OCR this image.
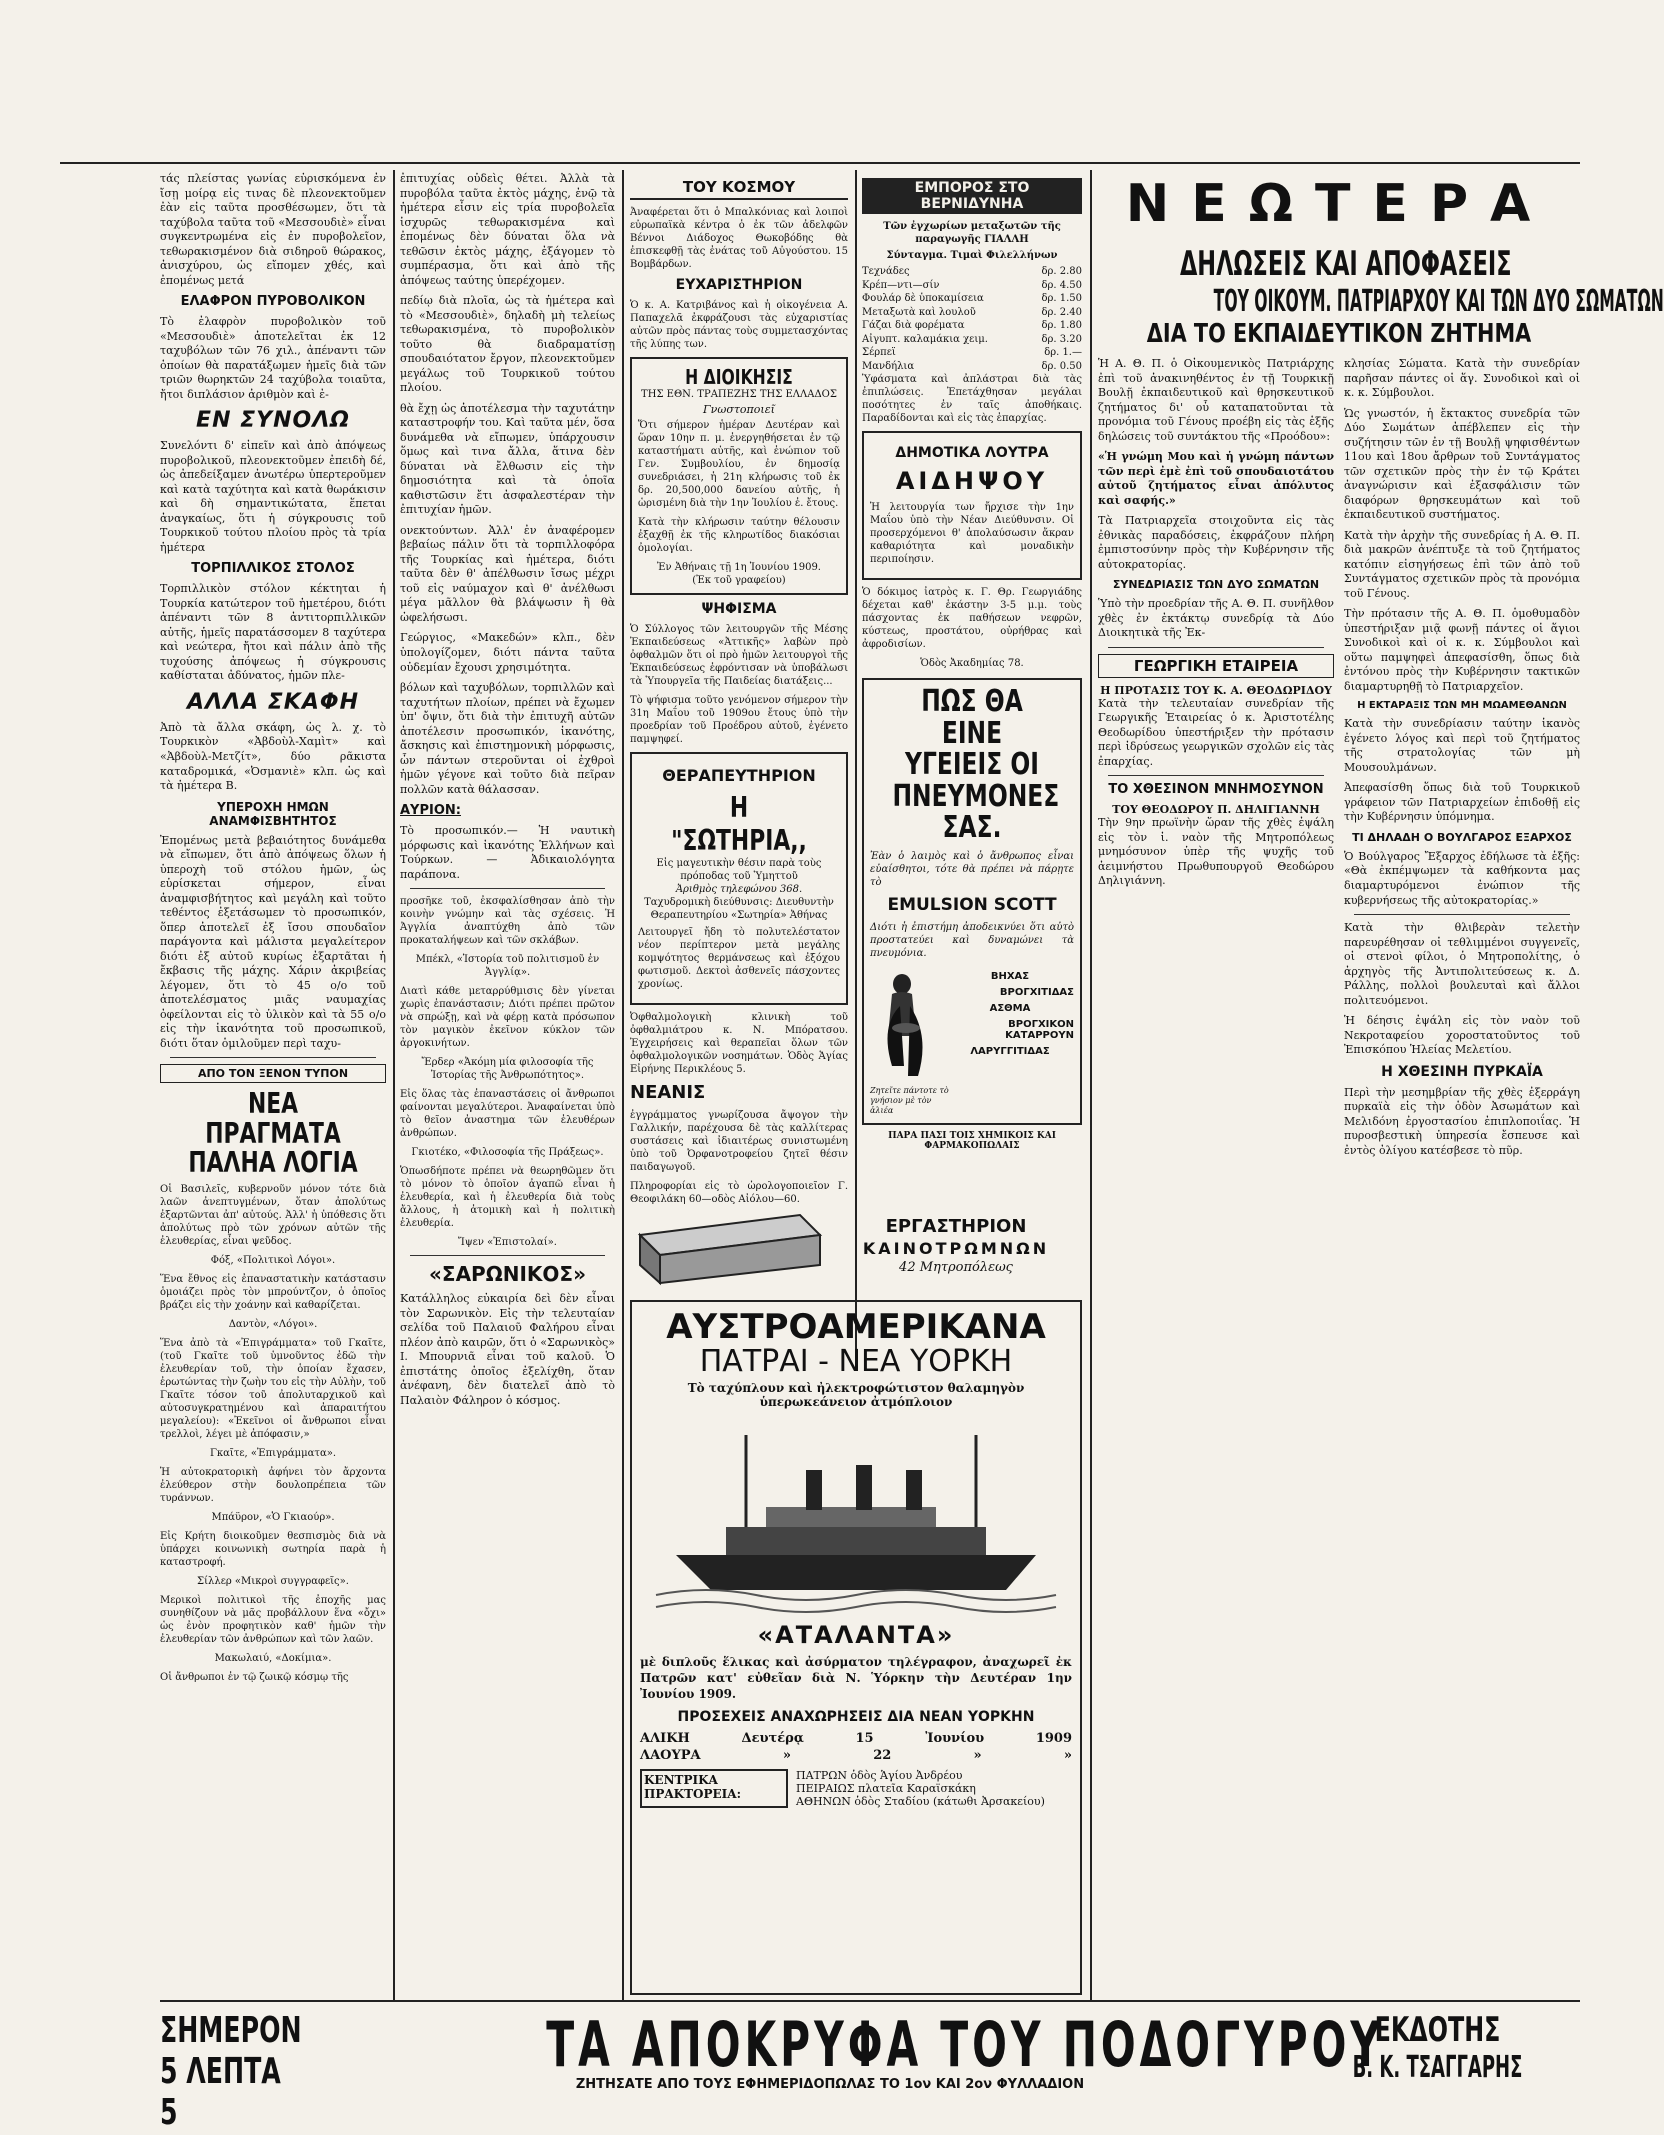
τάς πλείστας γωνίας εὑρισκόμενα ἐν ἴσῃ μοίρᾳ εἰς τινας δὲ πλεονεκτοῦμεν ἐὰν εἰς ταῦτα προσθέσωμεν, ὅτι τὰ ταχύβολα ταῦτα τοῦ «Μεσσουδιὲ» εἶναι συγκεντρωμένα εἰς ἐν πυροβολεῖον, τεθωρακισμένον διὰ σιδηροῦ θώρακος, ἀνισχύρου, ὡς εἴπομεν χθές, καὶ ἐπομένως μετά

ΕΛΑΦΡΟΝ ΠΥΡΟΒΟΛΙΚΟΝ

Τὸ ἐλαφρὸν πυροβολικὸν τοῦ «Μεσσουδιὲ» ἀποτελεῖται ἐκ 12 ταχυβόλων τῶν 76 χιλ., ἀπέναντι τῶν ὁποίων θὰ παρατάξωμεν ἡμεῖς διὰ τῶν τριῶν θωρηκτῶν 24 ταχύβολα τοιαῦτα, ἤτοι διπλάσιον ἀριθμὸν καὶ ἐ-

ΕΝ ΣΥΝΟΛΩ

Συνελόντι δ' εἰπεῖν καὶ ἀπὸ ἀπόψεως πυροβολικοῦ, πλεονεκτοῦμεν ἐπειδὴ δέ, ὡς ἀπεδείξαμεν ἀνωτέρω ὑπερτεροῦμεν καὶ κατὰ ταχύτητα καὶ κατὰ θωράκισιν καὶ δὴ σημαντικώτατα, ἕπεται ἀναγκαίως, ὅτι ἡ σύγκρουσις τοῦ Τουρκικοῦ τούτου πλοίου πρὸς τὰ τρία ἡμέτερα

ΤΟΡΠΙΛΛΙΚΟΣ ΣΤΟΛΟΣ

Τορπιλλικὸν στόλον κέκτηται ἡ Τουρκία κατώτερον τοῦ ἡμετέρου, διότι ἀπέναντι τῶν 8 ἀντιτορπιλλικῶν αὐτῆς, ἡμεῖς παρατάσσομεν 8 ταχύτερα καὶ νεώτερα, ἤτοι καὶ πάλιν ἀπὸ τῆς τυχούσης ἀπόψεως ἡ σύγκρουσις καθίσταται ἀδύνατος, ἡμῶν πλε-

ΑΛΛΑ ΣΚΑΦΗ

Ἀπὸ τὰ ἄλλα σκάφη, ὡς λ. χ. τὸ Τουρκικὸν «Ἀβδοὺλ-Χαμὶτ» καὶ «Ἀβδοὺλ-Μετζίτ», δύο ρᾶκιστα καταδρομικά, «Ὀσμανιὲ» κλπ. ὡς καὶ τὰ ἡμέτερα Β.

ΥΠΕΡΟΧΗ ΗΜΩΝ ΑΝΑΜΦΙΣΒΗΤΗΤΟΣ

Ἐπομένως μετὰ βεβαιότητος δυνάμεθα νὰ εἴπωμεν, ὅτι ἀπὸ ἀπόψεως ὅλων ἡ ὑπεροχὴ τοῦ στόλου ἡμῶν, ὡς εὑρίσκεται σήμερον, εἶναι ἀναμφισβήτητος καὶ μεγάλη καὶ τοῦτο τεθέντος ἐξετάσωμεν τὸ προσωπικόν, ὅπερ ἀποτελεῖ ἐξ ἴσου σπουδαῖον παράγοντα καὶ μάλιστα μεγαλείτερον διότι ἐξ αὐτοῦ κυρίως ἐξαρτᾶται ἡ ἔκβασις τῆς μάχης. Χάριν ἀκριβείας λέγομεν, ὅτι τὸ 45 ο/ο τοῦ ἀποτελέσματος μιᾶς ναυμαχίας ὀφείλονται εἰς τὸ ὑλικὸν καὶ τὰ 55 ο/ο εἰς τὴν ἱκανότητα τοῦ προσωπικοῦ, διότι ὅταν ὁμιλοῦμεν περὶ ταχυ-

ΑΠΟ ΤΟΝ ΞΕΝΟΝ ΤΥΠΟΝ
ΝΕΑ ΠΡΑΓΜΑΤΑ ΠΑΛΗΑ ΛΟΓΙΑ

Οἱ Βασιλεῖς, κυβερνοῦν μόνον τότε διὰ λαῶν ἀνεπτυγμένων, ὅταν ἀπολύτως ἐξαρτῶνται ἀπ' αὐτούς. Ἀλλ' ἡ ὑπόθεσις ὅτι ἀπολύτως πρὸ τῶν χρόνων αὐτῶν τῆς ἐλευθερίας, εἶναι ψεῦδος.

Φόξ, «Πολιτικοὶ Λόγοι».

Ἕνα ἔθνος εἰς ἐπαναστατικὴν κατάστασιν ὁμοιάζει πρὸς τὸν μπρούντζον, ὁ ὁποῖος βράζει εἰς τὴν χοάνην καὶ καθαρίζεται.

Δαντὸν, «Λόγοι».

Ἕνα ἀπὸ τὰ «Ἐπιγράμματα» τοῦ Γκαῖτε, (τοῦ Γκαῖτε τοῦ ὑμνοῦντος ἐδῶ τὴν ἐλευθερίαν τοῦ, τὴν ὁποίαν ἔχασεν, ἐρωτώντας τὴν ζωὴν του εἰς τὴν Αὐλὴν, τοῦ Γκαῖτε τόσον τοῦ ἀπολυταρχικοῦ καὶ αὐτοσυγκρατημένου καὶ ἀπαραιτήτου μεγαλείου): «Ἐκεῖνοι οἱ ἄνθρωποι εἶναι τρελλοὶ, λέγει μὲ ἀπόφασιν,»

Γκαῖτε, «Ἐπιγράμματα».

Ἡ αὐτοκρατορικὴ ἀφήνει τὸν ἄρχοντα ἐλεύθερον στὴν δουλοπρέπεια τῶν τυράννων.

Μπάϋρον, «Ὁ Γκιαούρ».

Εἰς Κρήτη διοικοῦμεν θεσπισμὸς διὰ νὰ ὑπάρχει κοινωνικὴ σωτηρία παρὰ ἡ καταστροφή.

Σίλλερ «Μικροὶ συγγραφεῖς».

Μερικοὶ πολιτικοὶ τῆς ἐποχῆς μας συνηθίζουν νὰ μᾶς προβάλλουν ἕνα «ὄχι» ὡς ἐνὸν προφητικὸν καθ' ἡμῶν τὴν ἐλευθερίαν τῶν ἀνθρώπων καὶ τῶν λαῶν.

Μακωλαιύ, «Δοκίμια».

Οἱ ἄνθρωποι ἐν τῷ ζωικῷ κόσμῳ τῆς

ἐπιτυχίας οὐδεὶς θέτει. Ἀλλὰ τὰ πυροβόλα ταῦτα ἐκτὸς μάχης, ἐνῷ τὰ ἡμέτερα εἶσιν εἰς τρία πυροβολεῖα ἰσχυρῶς τεθωρακισμένα καὶ ἐπομένως δὲν δύναται ὅλα νὰ τεθῶσιν ἐκτὸς μάχης, ἐξάγομεν τὸ συμπέρασμα, ὅτι καὶ ἀπὸ τῆς ἀπόψεως ταύτης ὑπερέχομεν.

πεδίῳ διὰ πλοῖα, ὡς τὰ ἡμέτερα καὶ τὸ «Μεσσουδιὲ», δηλαδὴ μὴ τελείως τεθωρακισμένα, τὸ πυροβολικὸν τοῦτο θὰ διαδραματίσῃ σπουδαιότατον ἔργον, πλεονεκτοῦμεν μεγάλως τοῦ Τουρκικοῦ τούτου πλοίου.

θὰ ἔχῃ ὡς ἀποτέλεσμα τὴν ταχυτάτην καταστροφήν του. Καὶ ταῦτα μέν, ὅσα δυνάμεθα νὰ εἴπωμεν, ὑπάρχουσιν ὅμως καὶ τινα ἄλλα, ἅτινα δὲν δύναται νὰ ἔλθωσιν εἰς τὴν δημοσιότητα καὶ τὰ ὁποῖα καθιστῶσιν ἔτι ἀσφαλεστέραν τὴν ἐπιτυχίαν ἡμῶν.

ονεκτούντων. Ἀλλ' ἐν ἀναφέρομεν βεβαίως πάλιν ὅτι τὰ τορπιλλοφόρα τῆς Τουρκίας καὶ ἡμέτερα, διότι ταῦτα δὲν θ' ἀπέλθωσιν ἴσως μέχρι τοῦ εἰς ναύμαχον καὶ θ' ἀνέλθωσι μέγα μᾶλλον θὰ βλάψωσιν ἢ θὰ ὠφελήσωσι.

Γεώργιος, «Μακεδών» κλπ., δὲν ὑπολογίζομεν, διότι πάντα ταῦτα οὐδεμίαν ἔχουσι χρησιμότητα.

βόλων καὶ ταχυβόλων, τορπιλλῶν καὶ ταχυτήτων πλοίων, πρέπει νὰ ἔχωμεν ὑπ' ὄψιν, ὅτι διὰ τὴν ἐπιτυχῆ αὐτῶν ἀποτέλεσιν προσωπικόν, ἱκανότης, ἄσκησις καὶ ἐπιστημονικὴ μόρφωσις, ὧν πάντων στεροῦνται οἱ ἐχθροὶ ἡμῶν γέγονε καὶ τοῦτο διὰ πεῖραν πολλῶν κατὰ θάλασσαν.

ΑΥΡΙΟΝ:

Τὸ προσωπικόν.— Ἡ ναυτικὴ μόρφωσις καὶ ἱκανότης Ἑλλήνων καὶ Τούρκων. — Ἀδικαιολόγητα παράπονα.

προσῆκε τοῦ, ἐκσφαλίσθησαν ἀπὸ τὴν κοινὴν γνώμην καὶ τὰς σχέσεις. Ἡ Ἀγγλία ἀναπτύχθη ἀπὸ τῶν προκαταλήψεων καὶ τῶν σκλάβων.

Μπέκλ, «Ἱστορία τοῦ πολιτισμοῦ ἐν Ἀγγλίᾳ».

Διατὶ κάθε μεταρρύθμισις δὲν γίνεται χωρὶς ἐπανάστασιν; Διότι πρέπει πρῶτον νὰ σπρώξῃ, καὶ νὰ φέρῃ κατὰ πρόσωπον τὸν μαγικὸν ἐκεῖνον κύκλον τῶν ἀργοκινήτων.

Ἔρδερ «Ἀκόμη μία φιλοσοφία τῆς Ἱστορίας τῆς Ἀνθρωπότητος».

Εἰς ὅλας τὰς ἐπαναστάσεις οἱ ἄνθρωποι φαίνονται μεγαλύτεροι. Ἀναφαίνεται ὑπὸ τὸ θεῖον ἀναστημα τῶν ἐλευθέρων ἀνθρώπων.

Γκιοτέκο, «Φιλοσοφία τῆς Πράξεως».

Ὁπωσδήποτε πρέπει νὰ θεωρηθῶμεν ὅτι τὸ μόνον τὸ ὁποῖον ἀγαπῶ εἶναι ἡ ἐλευθερία, καὶ ἡ ἐλευθερία διὰ τοὺς ἄλλους, ἡ ἀτομικὴ καὶ ἡ πολιτικὴ ἐλευθερία.

Ἴψεν «Ἐπιστολαί».

«ΣΑΡΩΝΙΚΟΣ»

Κατάλληλος εὐκαιρία δεὶ δὲν εἶναι τὸν Σαρωνικὸν. Εἰς τὴν τελευταίαν σελίδα τοῦ Παλαιοῦ Φαλήρου εἶναι πλέον ἀπὸ καιρῶν, ὅτι ὁ «Σαρωνικὸς» Ι. Μπουρνιᾶ εἶναι τοῦ καλοῦ. Ὁ ἐπιστάτης ὁποῖος ἐξελίχθη, ὅταν ἀνέφανη, δὲν διατελεῖ ἀπὸ τὸ Παλαιὸν Φάληρον ὁ κόσμος.

ΤΟΥ ΚΟΣΜΟΥ

Ἀναφέρεται ὅτι ὁ Μπαλκόνιας καὶ λοιποὶ εὐρωπαϊκὰ κέντρα ὁ ἐκ τῶν ἀδελφῶν Βέννοι Διάδοχος Θωκοβόδης θὰ ἐπισκεφθῇ τὰς ἐνάτας τοῦ Αὐγούστου. 15 Βομβάρδων.

ΕΥΧΑΡΙΣΤΗΡΙΟΝ

Ὁ κ. Α. Κατριβάνος καὶ ἡ οἰκογένεια Α. Παπαχελᾶ ἐκφράζουσι τὰς εὐχαριστίας αὐτῶν πρὸς πάντας τοὺς συμμετασχόντας τῆς λύπης των.

Η ΔΙΟΙΚΗΣΙΣ
ΤΗΣ ΕΘΝ. ΤΡΑΠΕΖΗΣ ΤΗΣ ΕΛΛΑΔΟΣ
Γνωστοποιεῖ

Ὅτι σήμερον ἡμέραν Δευτέραν καὶ ὥραν 10ην π. μ. ἐνεργηθήσεται ἐν τῷ καταστήματι αὐτῆς, καὶ ἐνώπιον τοῦ Γεν. Συμβουλίου, ἐν δημοσίᾳ συνεδριάσει, ἡ 21η κλήρωσις τοῦ ἐκ δρ. 20,500,000 δανείου αὐτῆς, ἡ ὡρισμένη διὰ τὴν 1ην Ἰουλίου ἐ. ἔτους.

Κατὰ τὴν κλήρωσιν ταύτην θέλουσιν ἐξαχθῇ ἐκ τῆς κληρωτίδος διακόσιαι ὀμολογίαι.

Ἐν Ἀθήναις τῇ 1η Ἰουνίου 1909.
(Ἐκ τοῦ γραφείου)
ΨΗΦΙΣΜΑ

Ὁ Σύλλογος τῶν λειτουργῶν τῆς Μέσης Ἐκπαιδεύσεως «Ἀττικῆς» λαβὼν πρὸ ὀφθαλμῶν ὅτι οἱ πρὸ ἡμῶν λειτουργοὶ τῆς Ἐκπαιδεύσεως ἐφρόντισαν νὰ ὑποβάλωσι τὰ Ὑπουργεῖα τῆς Παιδείας διατάξεις...

Τὸ ψήφισμα τοῦτο γενόμενον σήμερον τὴν 31η Μαΐου τοῦ 1909ου ἔτους ὑπὸ τὴν προεδρίαν τοῦ Προέδρου αὐτοῦ, ἐγένετο παμψηφεί.

ΘΕΡΑΠΕΥΤΗΡΙΟΝ
Η "ΣΩΤΗΡΙΑ,,
Εἰς μαγευτικὴν θέσιν παρὰ τοὺς πρόποδας τοῦ Ὑμηττοῦ
Ἀριθμὸς τηλεφώνου 368.
Ταχυδρομικὴ διεύθυνσις: Διευθυντὴν Θεραπευτηρίου «Σωτηρία» Ἀθήνας

Λειτουργεῖ ἤδη τὸ πολυτελέστατον νέον περίπτερον μετὰ μεγάλης κομψότητος θερμάνσεως καὶ ἐξόχου φωτισμοῦ. Δεκτοὶ ἀσθενεῖς πάσχοντες χρονίως.

Ὀφθαλμολογικὴ κλινικὴ τοῦ ὀφθαλμιάτρου κ. Ν. Μπόρατσου. Ἐγχειρήσεις καὶ θεραπεῖαι ὅλων τῶν ὀφθαλμολογικῶν νοσημάτων. Ὁδὸς Ἁγίας Εἰρήνης Περικλέους 5.

ΝΕΑΝΙΣ

ἐγγράμματος γνωρίζουσα ἄψογον τὴν Γαλλικήν, παρέχουσα δὲ τὰς καλλίτερας συστάσεις καὶ ἰδιαιτέρως συνιστωμένη ὑπὸ τοῦ Ὀρφανοτροφείου ζητεῖ θέσιν παιδαγωγοῦ.

Πληροφορίαι εἰς τὸ ὡρολογοποιεῖον Γ. Θεοφιλάκη 60—οδὸς Αἰόλου—60.

ΕΜΠΟΡΟΣ ΣΤΟ ΒΕΡΝΙΔΥΝΗΑ
Τῶν ἐγχωρίων μεταξωτῶν τῆς παραγωγῆς ΓΙΑΛΛΗ
Σύνταγμα. Τιμαὶ Φιλελλήνων
Τεχνάδες	δρ. 2.80
Κρέπ—ντι—σίν	δρ. 4.50
Φουλάρ δὲ ὑποκαμίσεια	δρ. 1.50
Μεταξωτὰ καὶ λουλοῦ	δρ. 2.40
Γάζαι διὰ φορέματα	δρ. 1.80
Αἰγυπτ. καλαμάκια χειμ.	δρ. 3.20
Σέρπεϊ	δρ. 1.—
Μανδήλια	δρ. 0.50

Ὑφάσματα καὶ ἀπλάστραι διὰ τὰς ἐπιπλώσεις. Ἐπετάχθησαν μεγάλαι ποσότητες ἐν ταῖς ἀποθήκαις. Παραδίδονται καὶ εἰς τὰς ἐπαρχίας.

ΔΗΜΟΤΙΚΑ ΛΟΥΤΡΑ
ΑΙΔΗΨΟΥ

Ἡ λειτουργία των ἤρχισε τὴν 1ην Μαΐου ὑπὸ τὴν Νέαν Διεύθυνσιν. Οἱ προσερχόμενοι θ' ἀπολαύσωσιν ἄκραν καθαριότητα καὶ μοναδικὴν περιποίησιν.

Ὁ δόκιμος ἰατρὸς κ. Γ. Θρ. Γεωργιάδης δέχεται καθ' ἑκάστην 3-5 μ.μ. τοὺς πάσχοντας ἐκ παθήσεων νεφρῶν, κύστεως, προστάτου, οὐρήθρας καὶ ἀφροδισίων.

Ὁδὸς Ἀκαδημίας 78.
ΠΩΣ ΘΑ ΕΙΝΕ
ΥΓΕΙΕΙΣ ΟΙ
ΠΝΕΥΜΟΝΕΣ
ΣΑΣ.

Ἐὰν ὁ λαιμὸς καὶ ὁ ἄνθρωπος εἶναι εὐαίσθητοι, τότε θὰ πρέπει νὰ πάρῃτε τὸ

EMULSION SCOTT

Διότι ἡ ἐπιστήμη ἀποδεικνύει ὅτι αὐτὸ προστατεύει καὶ δυναμώνει τὰ πνευμόνια.

ΒΗΧΑΣ
ΒΡΟΓΧΙΤΙΔΑΣ
ΑΣΘΜΑ
ΒΡΟΓΧΙΚΟΝ ΚΑΤΑΡΡΟΥΝ
ΛΑΡΥΓΓΙΤΙΔΑΣ
Ζητεῖτε πάντοτε τὸ γνήσιον μὲ τὸν ἁλιέα
ΠΑΡΑ ΠΑΣΙ ΤΟΙΣ ΧΗΜΙΚΟΙΣ ΚΑΙ ΦΑΡΜΑΚΟΠΩΛΑΙΣ
ΕΡΓΑΣΤΗΡΙΟΝ
ΚΑΙΝΟΤΡΩΜΝΩΝ
42 Μητροπόλεως
ΑΥΣΤΡΟΑΜΕΡΙΚΑΝΑ
ΠΑΤΡΑΙ - ΝΕΑ ΥΟΡΚΗ
Τὸ ταχύπλουν καὶ ἠλεκτροφώτιστον θαλαμηγὸν ὑπερωκεάνειον ἀτμόπλοιον
«ΑΤΑΛΑΝΤΑ»

μὲ διπλοῦς ἕλικας καὶ ἀσύρματον τηλέγραφον, ἀναχωρεῖ ἐκ Πατρῶν κατ' εὐθεῖαν διὰ Ν. Ὑόρκην τὴν Δευτέραν 1ην Ἰουνίου 1909.

ΠΡΟΣΕΧΕΙΣ ΑΝΑΧΩΡΗΣΕΙΣ ΔΙΑ ΝΕΑΝ ΥΟΡΚΗΝ
ΑΛΙΚΗ	Δευτέρᾳ	15	Ἰουνίου	1909
ΛΑΟΥΡΑ	»	22	»	»
ΚΕΝΤΡΙΚΑ ΠΡΑΚΤΟΡΕΙΑ:
ΠΑΤΡΩΝ ὁδὸς Ἁγίου Ἀνδρέου
ΠΕΙΡΑΙΩΣ πλατεῖα Καραϊσκάκη
ΑΘΗΝΩΝ ὁδὸς Σταδίου (κάτωθι Ἀρσακείου)
ΝΕΩΤΕΡΑ
ΔΗΛΩΣΕΙΣ ΚΑΙ ΑΠΟΦΑΣΕΙΣ
ΤΟΥ ΟΙΚΟΥΜ. ΠΑΤΡΙΑΡΧΟΥ ΚΑΙ ΤΩΝ ΔΥΟ ΣΩΜΑΤΩΝ
ΔΙΑ ΤΟ ΕΚΠΑΙΔΕΥΤΙΚΟΝ ΖΗΤΗΜΑ

Ἡ Α. Θ. Π. ὁ Οἰκουμενικὸς Πατριάρχης ἐπὶ τοῦ ἀνακινηθέντος ἐν τῇ Τουρκικῇ Βουλῇ ἐκπαιδευτικοῦ καὶ θρησκευτικοῦ ζητήματος δι' οὗ καταπατοῦνται τὰ προνόμια τοῦ Γένους προέβη εἰς τὰς ἑξῆς δηλώσεις τοῦ συντάκτου τῆς «Προόδου»:

«Ἡ γνώμη Μου καὶ ἡ γνώμη πάντων τῶν περὶ ἐμὲ ἐπὶ τοῦ σπουδαιοτάτου αὐτοῦ ζητήματος εἶναι ἀπόλυτος καὶ σαφής.»

Τὰ Πατριαρχεῖα στοιχοῦντα εἰς τὰς ἐθνικὰς παραδόσεις, ἐκφράζουν πλήρη ἐμπιστοσύνην πρὸς τὴν Κυβέρνησιν τῆς αὐτοκρατορίας.

ΣΥΝΕΔΡΙΑΣΙΣ ΤΩΝ ΔΥΟ ΣΩΜΑΤΩΝ

Ὑπὸ τὴν προεδρίαν τῆς Α. Θ. Π. συνῆλθον χθὲς ἐν ἐκτάκτῳ συνεδρίᾳ τὰ Δύο Διοικητικὰ τῆς Ἐκ-

ΓΕΩΡΓΙΚΗ ΕΤΑΙΡΕΙΑ
Η ΠΡΟΤΑΣΙΣ ΤΟΥ Κ. Α. ΘΕΟΔΩΡΙΔΟΥ

Κατὰ τὴν τελευταίαν συνεδρίαν τῆς Γεωργικῆς Ἑταιρείας ὁ κ. Ἀριστοτέλης Θεοδωρίδου ὑπεστήριξεν τὴν πρότασιν περὶ ἱδρύσεως γεωργικῶν σχολῶν εἰς τὰς ἐπαρχίας.

ΤΟ ΧΘΕΣΙΝΟΝ ΜΝΗΜΟΣΥΝΟΝ
ΤΟΥ ΘΕΟΔΩΡΟΥ Π. ΔΗΛΙΓΙΑΝΝΗ

Τὴν 9ην πρωϊνὴν ὥραν τῆς χθὲς ἐψάλη εἰς τὸν ἱ. ναὸν τῆς Μητροπόλεως μνημόσυνον ὑπὲρ τῆς ψυχῆς τοῦ ἀειμνήστου Πρωθυπουργοῦ Θεοδώρου Δηλιγιάννη.

κλησίας Σώματα. Κατὰ τὴν συνεδρίαν παρῆσαν πάντες οἱ ἅγ. Συνοδικοὶ καὶ οἱ κ. κ. Σύμβουλοι.

Ὡς γνωστόν, ἡ ἔκτακτος συνεδρία τῶν Δύο Σωμάτων ἀπέβλεπεν εἰς τὴν συζήτησιν τῶν ἐν τῇ Βουλῇ ψηφισθέντων 11ου καὶ 18ου ἄρθρων τοῦ Συντάγματος τῶν σχετικῶν πρὸς τὴν ἐν τῷ Κράτει ἀναγνώρισιν καὶ ἐξασφάλισιν τῶν διαφόρων θρησκευμάτων καὶ τοῦ ἐκπαιδευτικοῦ συστήματος.

Κατὰ τὴν ἀρχὴν τῆς συνεδρίας ἡ Α. Θ. Π. διὰ μακρῶν ἀνέπτυξε τὰ τοῦ ζητήματος κατόπιν εἰσηγήσεως ἐπὶ τῶν ἀπὸ τοῦ Συντάγματος σχετικῶν πρὸς τὰ προνόμια τοῦ Γένους.

Τὴν πρότασιν τῆς Α. Θ. Π. ὁμοθυμαδὸν ὑπεστήριξαν μιᾷ φωνῇ πάντες οἱ ἅγιοι Συνοδικοὶ καὶ οἱ κ. κ. Σύμβουλοι καὶ οὕτω παμψηφεὶ ἀπεφασίσθη, ὅπως διὰ ἐντόνου πρὸς τὴν Κυβέρνησιν τακτικῶν διαμαρτυρηθῇ τὸ Πατριαρχεῖον.

Η ΕΚΤΑΡΑΞΙΣ ΤΩΝ ΜΗ ΜΩΑΜΕΘΑΝΩΝ

Κατὰ τὴν συνεδρίασιν ταύτην ἱκανὸς ἐγένετο λόγος καὶ περὶ τοῦ ζητήματος τῆς στρατολογίας τῶν μὴ Μουσουλμάνων.

Ἀπεφασίσθη ὅπως διὰ τοῦ Τουρκικοῦ γράφειον τῶν Πατριαρχείων ἐπιδοθῇ εἰς τὴν Κυβέρνησιν ὑπόμνημα.

ΤΙ ΔΗΛΑΔΗ Ο ΒΟΥΛΓΑΡΟΣ ΕΞΑΡΧΟΣ

Ὁ Βούλγαρος Ἔξαρχος ἐδήλωσε τὰ ἑξῆς: «Θὰ ἐκπέμψωμεν τὰ καθήκοντα μας διαμαρτυρόμενοι ἐνώπιον τῆς κυβερνήσεως τῆς αὐτοκρατορίας.»

Κατὰ τὴν θλιβερὰν τελετὴν παρευρέθησαν οἱ τεθλιμμένοι συγγενεῖς, οἱ στενοὶ φίλοι, ὁ Μητροπολίτης, ὁ ἀρχηγὸς τῆς Ἀντιπολιτεύσεως κ. Δ. Ράλλης, πολλοὶ βουλευταὶ καὶ ἄλλοι πολιτευόμενοι.

Ἡ δέησις ἐψάλη εἰς τὸν ναὸν τοῦ Νεκροταφείου χοροστατοῦντος τοῦ Ἐπισκόπου Ἡλείας Μελετίου.

Η ΧΘΕΣΙΝΗ ΠΥΡΚΑΪΑ

Περὶ τὴν μεσημβρίαν τῆς χθὲς ἐξερράγη πυρκαϊὰ εἰς τὴν ὁδὸν Ἀσωμάτων καὶ Μελιδόνη ἐργοστασίου ἐπιπλοποιΐας. Ἡ πυροσβεστικὴ ὑπηρεσία ἔσπευσε καὶ ἐντὸς ὀλίγου κατέσβεσε τὸ πῦρ.

ΣΗΜΕΡΟΝ
5 ΛΕΠΤΑ 5
ΤΑ ΑΠΟΚΡΥΦΑ ΤΟΥ ΠΟΔΟΓΥΡΟΥ
ΖΗΤΗΣΑΤΕ ΑΠΟ ΤΟΥΣ ΕΦΗΜΕΡΙΔΟΠΩΛΑΣ ΤΟ 1ον ΚΑΙ 2ον ΦΥΛΛΑΔΙΟΝ
ΕΚΔΟΤΗΣ
Β. Κ. ΤΣΑΓΓΑΡΗΣ
